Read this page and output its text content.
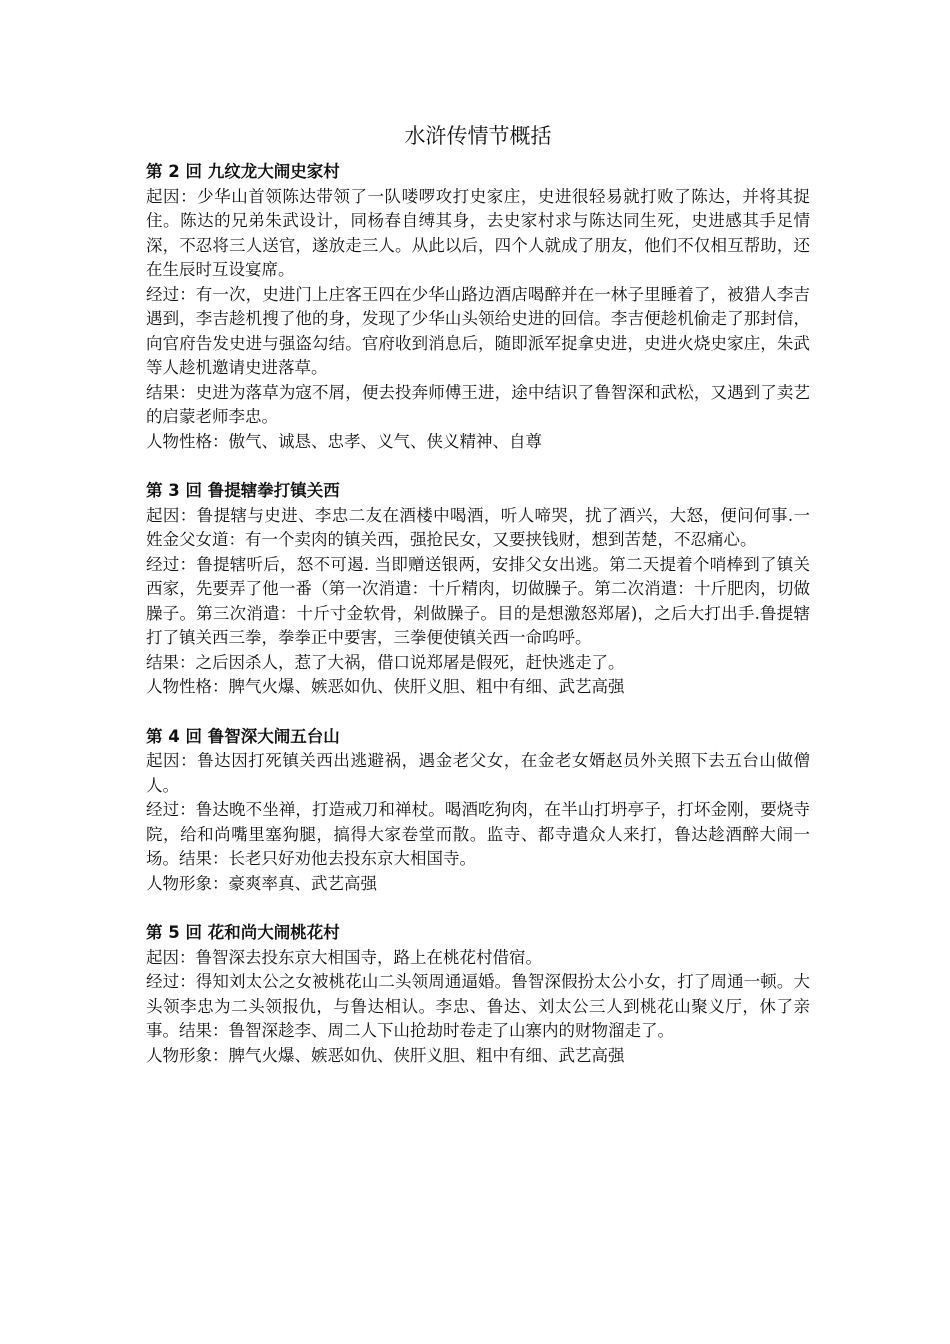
水浒传情节概括
第 2 回 九纹龙大闹史家村

起因：少华山首领陈达带领了一队喽啰攻打史家庄，史进很轻易就打败了陈达，并将其捉住。陈达的兄弟朱武设计，同杨春自缚其身，去史家村求与陈达同生死，史进感其手足情深，不忍将三人送官，遂放走三人。从此以后，四个人就成了朋友，他们不仅相互帮助，还在生辰时互设宴席。

经过：有一次，史进门上庄客王四在少华山路边酒店喝醉并在一林子里睡着了，被猎人李吉遇到，李吉趁机搜了他的身，发现了少华山头领给史进的回信。李吉便趁机偷走了那封信，向官府告发史进与强盗勾结。官府收到消息后，随即派军捉拿史进，史进火烧史家庄，朱武等人趁机邀请史进落草。

结果：史进为落草为寇不屑，便去投奔师傅王进，途中结识了鲁智深和武松，又遇到了卖艺的启蒙老师李忠。

人物性格：傲气、诚恳、忠孝、义气、侠义精神、自尊

第 3 回 鲁提辖拳打镇关西

起因：鲁提辖与史进、李忠二友在酒楼中喝酒，听人啼哭，扰了酒兴，大怒，便问何事.一姓金父女道：有一个卖肉的镇关西，强抢民女，又要挟钱财，想到苦楚，不忍痛心。

经过：鲁提辖听后，怒不可遏. 当即赠送银两，安排父女出逃。第二天提着个哨棒到了镇关西家，先要弄了他一番（第一次消遣：十斤精肉，切做臊子。第二次消遣：十斤肥肉，切做臊子。第三次消遣：十斤寸金软骨，剁做臊子。目的是想激怒郑屠)，之后大打出手.鲁提辖打了镇关西三拳，拳拳正中要害，三拳便使镇关西一命呜呼。

结果：之后因杀人，惹了大祸，借口说郑屠是假死，赶快逃走了。

人物性格：脾气火爆、嫉恶如仇、侠肝义胆、粗中有细、武艺高强

第 4 回 鲁智深大闹五台山

起因：鲁达因打死镇关西出逃避祸，遇金老父女，在金老女婿赵员外关照下去五台山做僧人。

经过：鲁达晚不坐禅，打造戒刀和禅杖。喝酒吃狗肉，在半山打坍亭子，打坏金刚，要烧寺院，给和尚嘴里塞狗腿，搞得大家卷堂而散。监寺、都寺遣众人来打，鲁达趁酒醉大闹一场。结果：长老只好劝他去投东京大相国寺。

人物形象：豪爽率真、武艺高强

第 5 回 花和尚大闹桃花村

起因：鲁智深去投东京大相国寺，路上在桃花村借宿。

经过：得知刘太公之女被桃花山二头领周通逼婚。鲁智深假扮太公小女，打了周通一顿。大头领李忠为二头领报仇，与鲁达相认。李忠、鲁达、刘太公三人到桃花山聚义厅，休了亲事。结果：鲁智深趁李、周二人下山抢劫时卷走了山寨内的财物溜走了。

人物形象：脾气火爆、嫉恶如仇、侠肝义胆、粗中有细、武艺高强
